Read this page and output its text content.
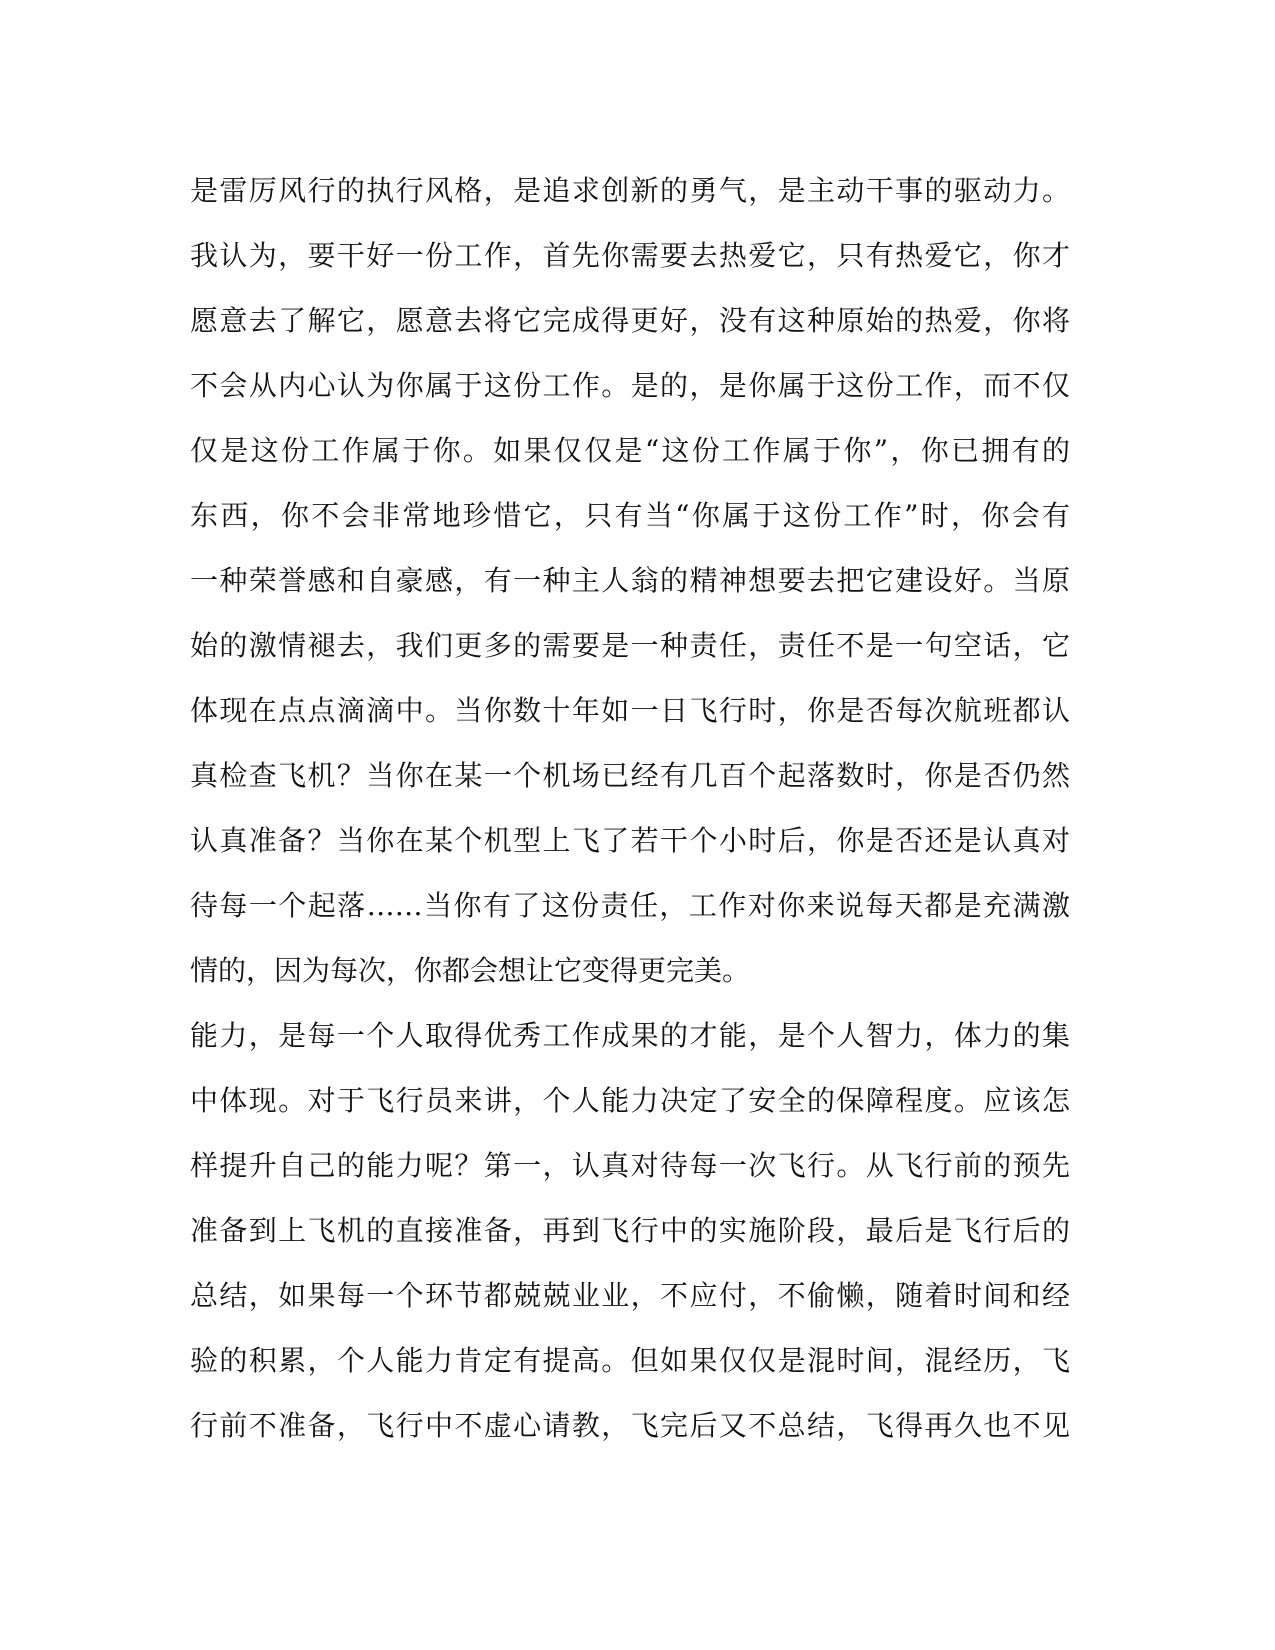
是雷厉风行的执行风格，是追求创新的勇气，是主动干事的驱动力。
我认为，要干好一份工作，首先你需要去热爱它，只有热爱它，你才
愿意去了解它，愿意去将它完成得更好，没有这种原始的热爱，你将
不会从内心认为你属于这份工作。是的，是你属于这份工作，而不仅
仅是这份工作属于你。如果仅仅是“这份工作属于你”，你已拥有的
东西，你不会非常地珍惜它，只有当“你属于这份工作”时，你会有
一种荣誉感和自豪感，有一种主人翁的精神想要去把它建设好。当原
始的激情褪去，我们更多的需要是一种责任，责任不是一句空话，它
体现在点点滴滴中。当你数十年如一日飞行时，你是否每次航班都认
真检查飞机？当你在某一个机场已经有几百个起落数时，你是否仍然
认真准备？当你在某个机型上飞了若干个小时后，你是否还是认真对
待每一个起落……当你有了这份责任，工作对你来说每天都是充满激
情的，因为每次，你都会想让它变得更完美。
能力，是每一个人取得优秀工作成果的才能，是个人智力，体力的集
中体现。对于飞行员来讲，个人能力决定了安全的保障程度。应该怎
样提升自己的能力呢？第一，认真对待每一次飞行。从飞行前的预先
准备到上飞机的直接准备，再到飞行中的实施阶段，最后是飞行后的
总结，如果每一个环节都兢兢业业，不应付，不偷懒，随着时间和经
验的积累，个人能力肯定有提高。但如果仅仅是混时间，混经历，飞
行前不准备，飞行中不虚心请教，飞完后又不总结，飞得再久也不见
